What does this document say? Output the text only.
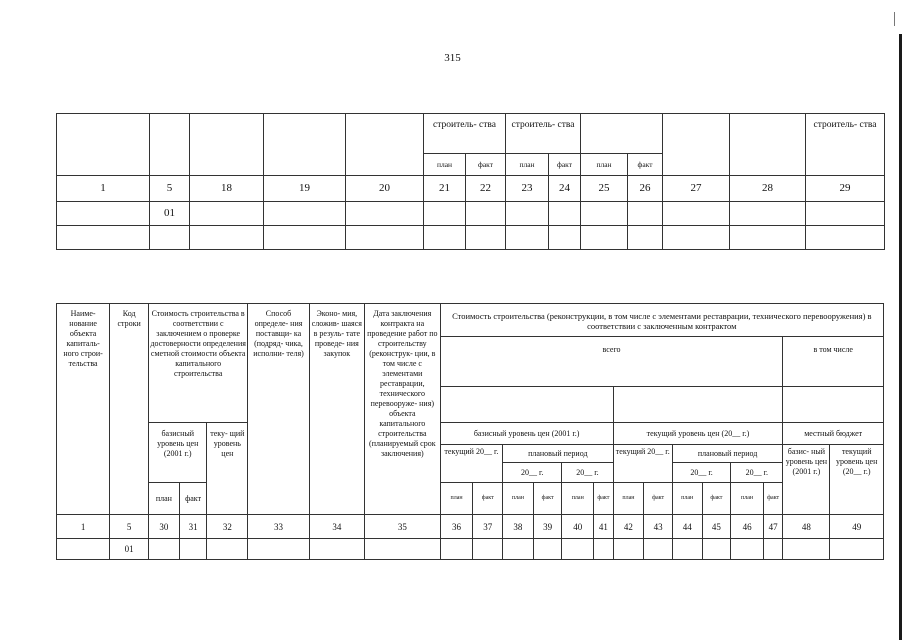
315
					строитель- ства		строитель- ства						строитель- ства
					план	факт	план	факт	план	факт			
1	5	18	19	20	21	22	23	24	25	26	27	28	29
	01												

Наиме- нование объекта капиталь- ного строи- тельства	Код строки	Стоимость строительства в соответствии с заключением о проверке достоверности определения сметной стоимости объекта капитального строительства			Способ определе- ния поставщи- ка (подряд- чика, исполни- теля)	Эконо- мия, сложив- шаяся в резуль- тате проведе- ния закупок	Дата заключения контракта на проведение работ по строительству (реконструк- ции, в том числе с элементами реставрации, технического перевооруже- ния) объекта капитального строительства (планируемый срок заключения)	Стоимость строительства (реконструкции, в том числе с элементами реставрации, технического перевооружения) в соответствии с заключенным контрактом													
								всего												в том числе	

		базисный уровень цен (2001 г.)		теку- щий уровень цен				базисный уровень цен (2001 г.)						текущий уровень цен (20__ г.)						местный бюджет	
								текущий 20__ г.		плановый период				текущий 20__ г.		плановый период				базис- ный уровень цен (2001 г.)	текущий уровень цен (20__ г.)
										20__ г.		20__ г.				20__ г.		20__ г.			
		план	факт					план	факт	план	факт	план	факт	план	факт	план	факт	план	факт		
1	5	30	31	32	33	34	35	36	37	38	39	40	41	42	43	44	45	46	47	48	49
	01																				
